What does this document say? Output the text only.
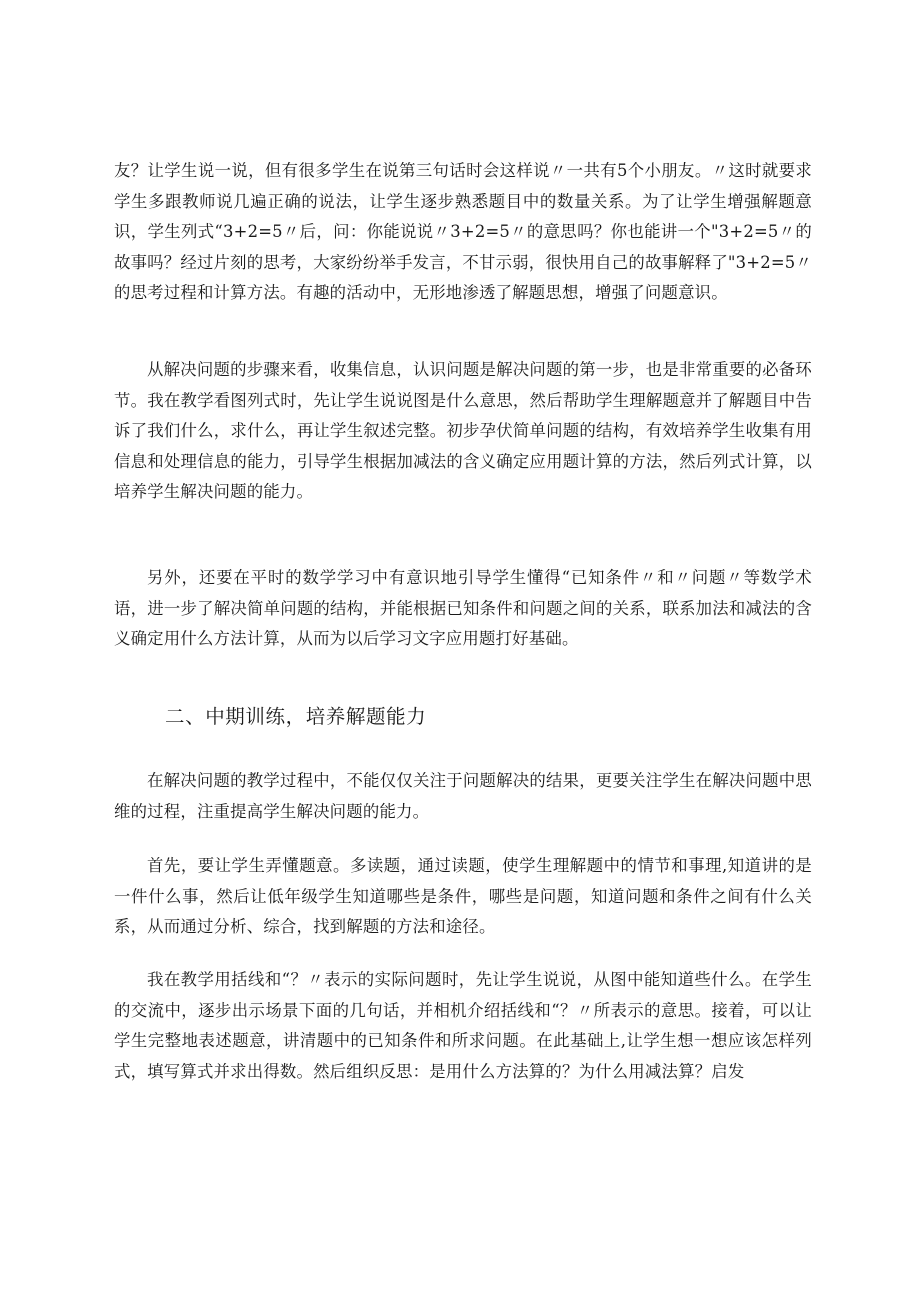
友？让学生说一说，但有很多学生在说第三句话时会这样说〃一共有5个小朋友。〃这时就要求学生多跟教师说几遍正确的说法，让学生逐步熟悉题目中的数量关系。为了让学生增强解题意识，学生列式“3+2=5〃后，问：你能说说〃3+2=5〃的意思吗？你也能讲一个"3+2=5〃的故事吗？经过片刻的思考，大家纷纷举手发言，不甘示弱，很快用自己的故事解释了"3+2=5〃的思考过程和计算方法。有趣的活动中，无形地渗透了解题思想，增强了问题意识。

从解决问题的步骤来看，收集信息，认识问题是解决问题的第一步，也是非常重要的必备环节。我在教学看图列式时，先让学生说说图是什么意思，然后帮助学生理解题意并了解题目中告诉了我们什么，求什么，再让学生叙述完整。初步孕伏简单问题的结构，有效培养学生收集有用信息和处理信息的能力，引导学生根据加减法的含义确定应用题计算的方法，然后列式计算，以培养学生解决问题的能力。

另外，还要在平时的数学学习中有意识地引导学生懂得“已知条件〃和〃问题〃等数学术语，进一步了解决简单问题的结构，并能根据已知条件和问题之间的关系，联系加法和减法的含义确定用什么方法计算，从而为以后学习文字应用题打好基础。

二、中期训练，培养解题能力

在解决问题的教学过程中，不能仅仅关注于问题解决的结果，更要关注学生在解决问题中思维的过程，注重提高学生解决问题的能力。

首先，要让学生弄懂题意。多读题，通过读题，使学生理解题中的情节和事理,知道讲的是一件什么事，然后让低年级学生知道哪些是条件，哪些是问题，知道问题和条件之间有什么关系，从而通过分析、综合，找到解题的方法和途径。

我在教学用括线和“？〃表示的实际问题时，先让学生说说，从图中能知道些什么。在学生的交流中，逐步出示场景下面的几句话，并相机介绍括线和“？〃所表示的意思。接着，可以让学生完整地表述题意，讲清题中的已知条件和所求问题。在此基础上,让学生想一想应该怎样列式，填写算式并求出得数。然后组织反思：是用什么方法算的？为什么用减法算？启发
